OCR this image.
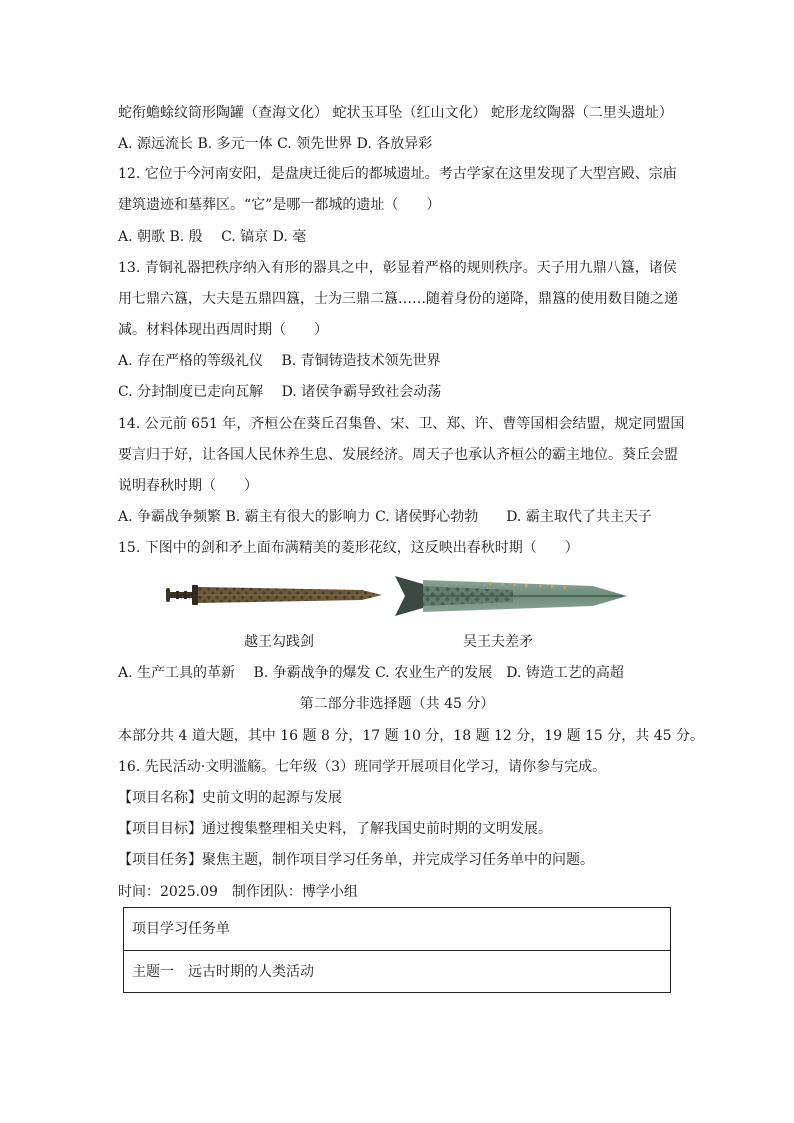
蛇衔蟾蜍纹筒形陶罐（查海文化） 蛇状玉耳坠（红山文化） 蛇形龙纹陶器（二里头遗址）
A. 源远流长 B. 多元一体 C. 领先世界 D. 各放异彩
12. 它位于今河南安阳，是盘庚迁徙后的都城遗址。考古学家在这里发现了大型宫殿、宗庙
建筑遗迹和墓葬区。“它”是哪一都城的遗址（　　）
A. 朝歌 B. 殷　 C. 镐京 D. 毫
13. 青铜礼器把秩序纳入有形的器具之中，彰显着严格的规则秩序。天子用九鼎八簋，诸侯
用七鼎六簋，大夫是五鼎四簋，士为三鼎二簋……随着身份的递降，鼎簋的使用数目随之递
减。材料体现出西周时期（　　）
A. 存在严格的等级礼仪　 B. 青铜铸造技术领先世界
C. 分封制度已走向瓦解　 D. 诸侯争霸导致社会动荡
14. 公元前 651 年，齐桓公在葵丘召集鲁、宋、卫、郑、许、曹等国相会结盟，规定同盟国
要言归于好，让各国人民休养生息、发展经济。周天子也承认齐桓公的霸主地位。葵丘会盟
说明春秋时期（　　）
A. 争霸战争频繁 B. 霸主有很大的影响力 C. 诸侯野心勃勃　　D. 霸主取代了共主天子
15. 下图中的剑和矛上面布满精美的菱形花纹，这反映出春秋时期（　　）
越王勾践剑	吴王夫差矛
A. 生产工具的革新　 B. 争霸战争的爆发 C. 农业生产的发展　D. 铸造工艺的高超
第二部分非选择题（共 45 分）
本部分共 4 道大题，其中 16 题 8 分，17 题 10 分，18 题 12 分，19 题 15 分，共 45 分。
16. 先民活动·文明滥觞。七年级（3）班同学开展项目化学习，请你参与完成。
【项目名称】史前文明的起源与发展
【项目目标】通过搜集整理相关史料，了解我国史前时期的文明发展。
【项目任务】聚焦主题，制作项目学习任务单，并完成学习任务单中的问题。
时间：2025.09　制作团队：博学小组
项目学习任务单
主题一　远古时期的人类活动
